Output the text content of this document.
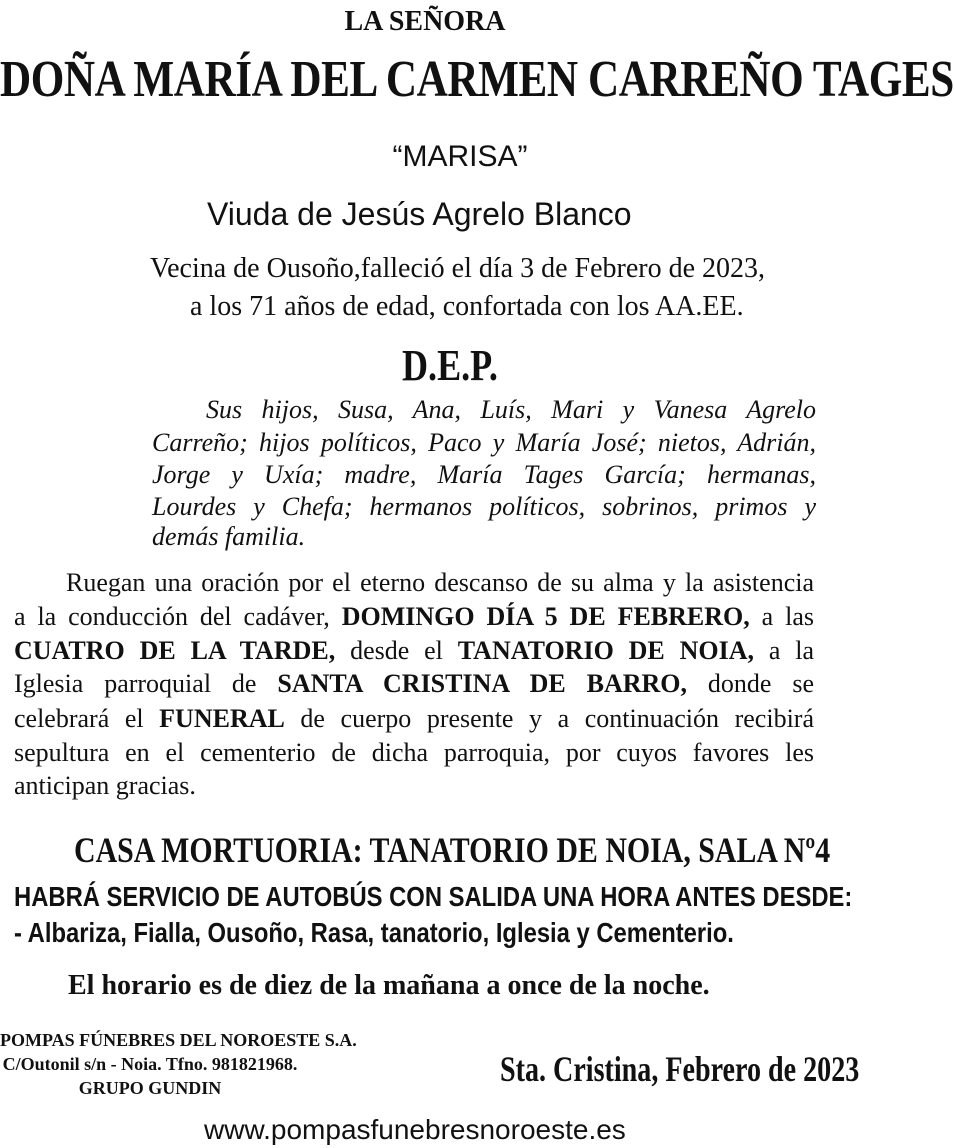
LA SEÑORA
DOÑA MARÍA DEL CARMEN CARREÑO TAGES
“MARISA”
Viuda de Jesús Agrelo Blanco
Vecina de Ousoño,falleció el día 3 de Febrero de 2023,
a los 71 años de edad, confortada con los AA.EE.
D.E.P.
Sus hijos, Susa, Ana, Luís, Mari y Vanesa Agrelo
Carreño; hijos políticos, Paco y María José; nietos, Adrián,
Jorge y Uxía; madre, María Tages García; hermanas,
Lourdes y Chefa; hermanos políticos, sobrinos, primos y
demás familia.
Ruegan una oración por el eterno descanso de su alma y la asistencia
a la conducción del cadáver, DOMINGO DÍA 5 DE FEBRERO, a las
CUATRO DE LA TARDE, desde el TANATORIO DE NOIA, a la
Iglesia parroquial de SANTA CRISTINA DE BARRO, donde se
celebrará el FUNERAL de cuerpo presente y a continuación recibirá
sepultura en el cementerio de dicha parroquia, por cuyos favores les
anticipan gracias.
CASA MORTUORIA: TANATORIO DE NOIA, SALA Nº4
HABRÁ SERVICIO DE AUTOBÚS CON SALIDA UNA HORA ANTES DESDE:
- Albariza, Fialla, Ousoño, Rasa, tanatorio, Iglesia y Cementerio.
El horario es de diez de la mañana a once de la noche.
POMPAS FÚNEBRES DEL NOROESTE S.A.
C/Outonil s/n - Noia. Tfno. 981821968.
GRUPO GUNDIN	Sta. Cristina, Febrero de 2023
www.pompasfunebresnoroeste.es
